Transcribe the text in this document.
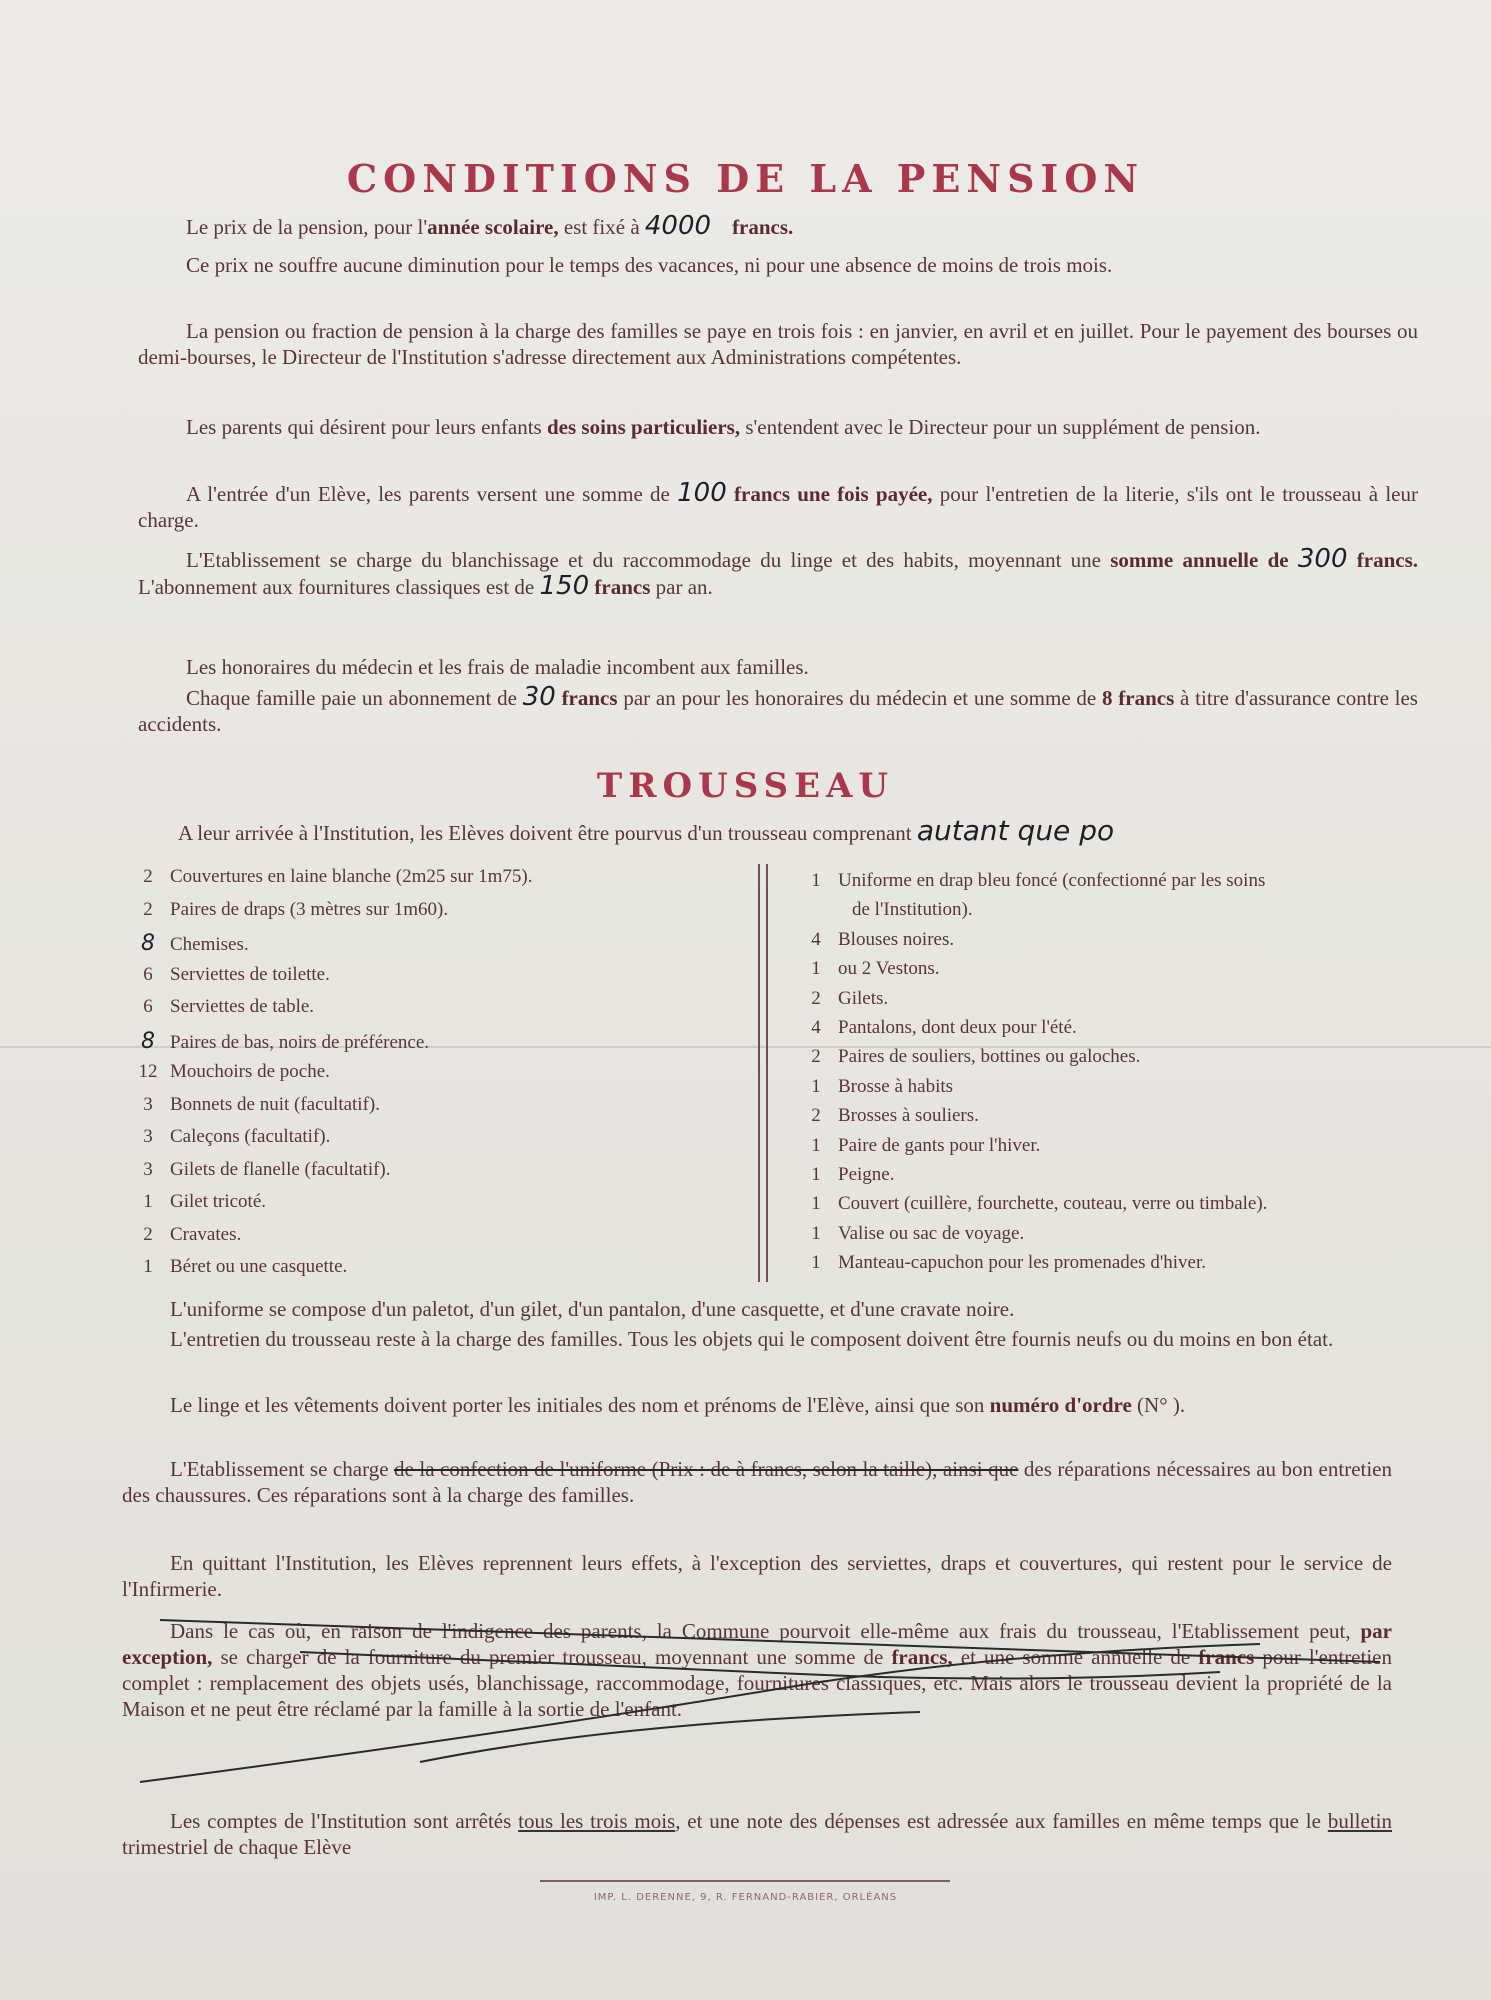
CONDITIONS DE LA PENSION
Le prix de la pension, pour l'année scolaire, est fixé à 4000 francs.
Ce prix ne souffre aucune diminution pour le temps des vacances, ni pour une absence de moins de trois mois.
La pension ou fraction de pension à la charge des familles se paye en trois fois : en janvier, en avril et en juillet. Pour le payement des bourses ou demi-bourses, le Directeur de l'Institution s'adresse directement aux Administrations compétentes.
Les parents qui désirent pour leurs enfants des soins particuliers, s'entendent avec le Directeur pour un supplément de pension.
A l'entrée d'un Elève, les parents versent une somme de 100 francs une fois payée, pour l'entretien de la literie, s'ils ont le trousseau à leur charge.
L'Etablissement se charge du blanchissage et du raccommodage du linge et des habits, moyennant une somme annuelle de 300 francs. L'abonnement aux fournitures classiques est de 150 francs par an.
Les honoraires du médecin et les frais de maladie incombent aux familles.
Chaque famille paie un abonnement de 30 francs par an pour les honoraires du médecin et une somme de 8 francs à titre d'assurance contre les accidents.
TROUSSEAU
A leur arrivée à l'Institution, les Elèves doivent être pourvus d'un trousseau comprenant autant que po
2 Couvertures en laine blanche (2m25 sur 1m75).
2 Paires de draps (3 mètres sur 1m60).
8 Chemises.
6 Serviettes de toilette.
6 Serviettes de table.
8 Paires de bas, noirs de préférence.
12 Mouchoirs de poche.
3 Bonnets de nuit (facultatif).
3 Caleçons (facultatif).
3 Gilets de flanelle (facultatif).
1 Gilet tricoté.
2 Cravates.
1 Béret ou une casquette.
1 Uniforme en drap bleu foncé (confectionné par les soins
de l'Institution).
4 Blouses noires.
1 ou 2 Vestons.
2 Gilets.
4 Pantalons, dont deux pour l'été.
2 Paires de souliers, bottines ou galoches.
1 Brosse à habits
2 Brosses à souliers.
1 Paire de gants pour l'hiver.
1 Peigne.
1 Couvert (cuillère, fourchette, couteau, verre ou timbale).
1 Valise ou sac de voyage.
1 Manteau-capuchon pour les promenades d'hiver.
L'uniforme se compose d'un paletot, d'un gilet, d'un pantalon, d'une casquette, et d'une cravate noire.
L'entretien du trousseau reste à la charge des familles. Tous les objets qui le composent doivent être fournis neufs ou du moins en bon état.
Le linge et les vêtements doivent porter les initiales des nom et prénoms de l'Elève, ainsi que son numéro d'ordre (N° ).
L'Etablissement se charge de la confection de l'uniforme (Prix : de à francs, selon la taille), ainsi que des réparations nécessaires au bon entretien des chaussures. Ces réparations sont à la charge des familles.
En quittant l'Institution, les Elèves reprennent leurs effets, à l'exception des serviettes, draps et couvertures, qui restent pour le service de l'Infirmerie.
Dans le cas où, en raison de l'indigence des parents, la Commune pourvoit elle-même aux frais du trousseau, l'Etablissement peut, par exception, se charger de la fourniture du premier trousseau, moyennant une somme de francs, et une somme annuelle de francs pour l'entretien complet : remplacement des objets usés, blanchissage, raccommodage, fournitures classiques, etc. Mais alors le trousseau devient la propriété de la Maison et ne peut être réclamé par la famille à la sortie de l'enfant.
Les comptes de l'Institution sont arrêtés tous les trois mois, et une note des dépenses est adressée aux familles en même temps que le bulletin trimestriel de chaque Elève
IMP. L. DERENNE, 9, R. FERNAND-RABIER, ORLÉANS
